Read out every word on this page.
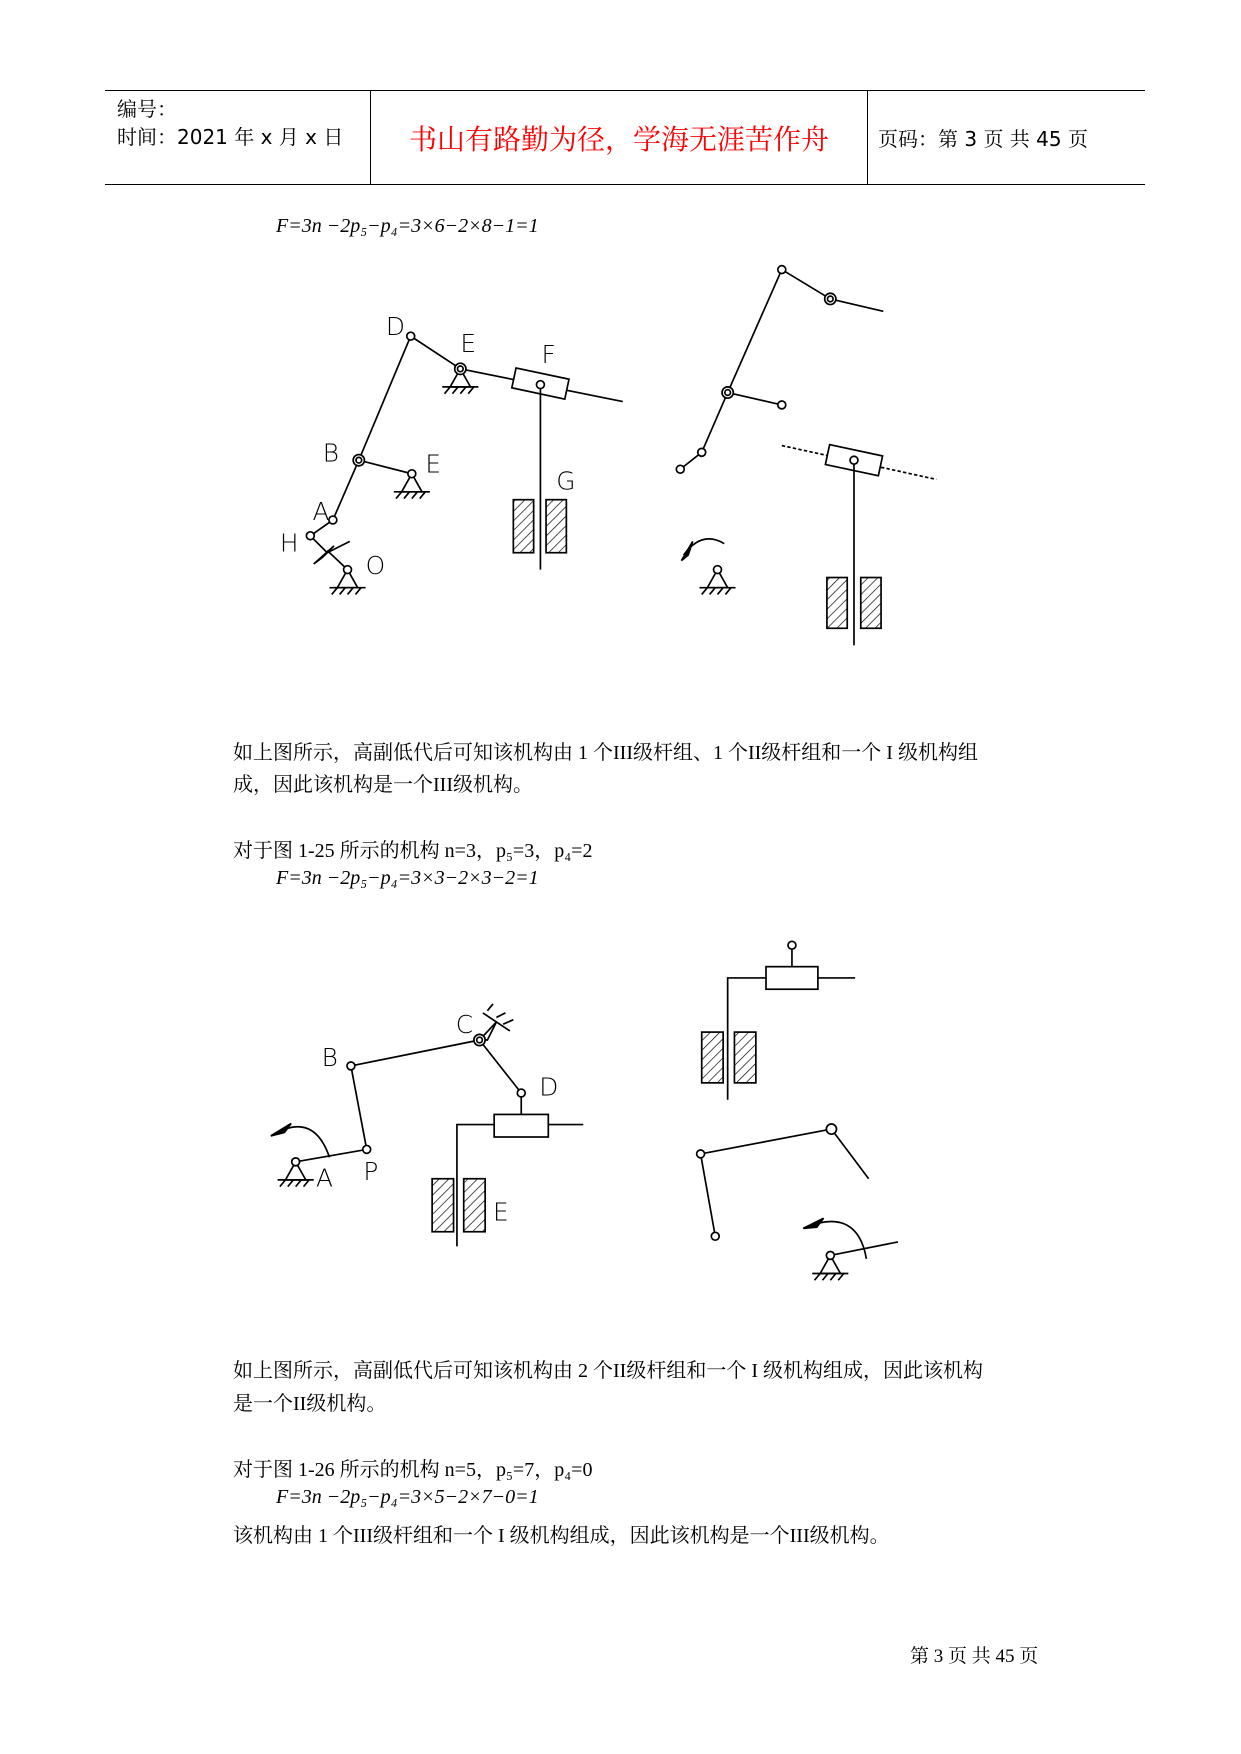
编号：
时间：2021 年 x 月 x 日 书山有路勤为径，学海无涯苦作舟 页码：第 3 页 共 45 页
F=3n −2p₅−p₄=3×6−2×8−1=1
如上图所示，高副低代后可知该机构由 1 个III级杆组、1 个II级杆组和一个 I 级机构组
成，因此该机构是一个III级机构。
对于图 1-25 所示的机构 n=3，p₅=3，p₄=2
F=3n −2p₅−p₄=3×3−2×3−2=1
如上图所示，高副低代后可知该机构由 2 个II级杆组和一个 I 级机构组成，因此该机构
是一个II级机构。
对于图 1-26 所示的机构 n=5，p₅=7，p₄=0
F=3n −2p₅−p₄=3×5−2×7−0=1
该机构由 1 个III级杆组和一个 I 级机构组成，因此该机构是一个III级机构。
第 3 页 共 45 页
D
E	F
B	E
G
A
H
O
B
C
D
A P
E
